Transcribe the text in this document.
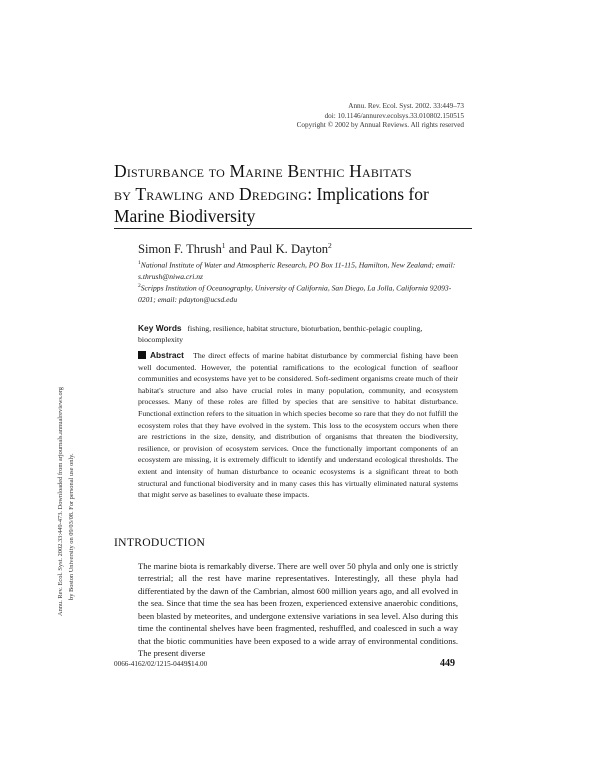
Annu. Rev. Ecol. Syst. 2002. 33:449–73
doi: 10.1146/annurev.ecolsys.33.010802.150515
Copyright © 2002 by Annual Reviews. All rights reserved
Disturbance to Marine Benthic Habitats
by Trawling and Dredging: Implications for
Marine Biodiversity
Simon F. Thrush$^1$ and Paul K. Dayton$^2$
$^1$National Institute of Water and Atmospheric Research, PO Box 11-115, Hamilton, New Zealand; email: s.thrush@niwa.cri.nz
$^2$Scripps Institution of Oceanography, University of California, San Diego, La Jolla, California 92093-0201; email: pdayton@ucsd.edu
Key Words fishing, resilience, habitat structure, bioturbation, benthic-pelagic coupling, biocomplexity
Abstract The direct effects of marine habitat disturbance by commercial fishing have been well documented. However, the potential ramifications to the ecological function of seafloor communities and ecosystems have yet to be considered. Soft-sediment organisms create much of their habitat's structure and also have crucial roles in many population, community, and ecosystem processes. Many of these roles are filled by species that are sensitive to habitat disturbance. Functional extinction refers to the situation in which species become so rare that they do not fulfill the ecosystem roles that they have evolved in the system. This loss to the ecosystem occurs when there are restrictions in the size, density, and distribution of organisms that threaten the biodiversity, resilience, or provision of ecosystem services. Once the functionally important components of an ecosystem are missing, it is extremely difficult to identify and understand ecological thresholds. The extent and intensity of human disturbance to oceanic ecosystems is a significant threat to both structural and functional biodiversity and in many cases this has virtually eliminated natural systems that might serve as baselines to evaluate these impacts.
Annu. Rev. Ecol. Syst. 2002.33:449-473. Downloaded from arjournals.annualreviews.org by Boston University on 09/03/08. For personal use only.	INTRODUCTION
The marine biota is remarkably diverse. There are well over 50 phyla and only one is strictly terrestrial; all the rest have marine representatives. Interestingly, all these phyla had differentiated by the dawn of the Cambrian, almost 600 million years ago, and all evolved in the sea. Since that time the sea has been frozen, experienced extensive anaerobic conditions, been blasted by meteorites, and undergone extensive variations in sea level. Also during this time the continental shelves have been fragmented, reshuffled, and coalesced in such a way that the biotic communities have been exposed to a wide array of environmental conditions. The present diverse
0066-4162/02/1215-0449$14.00	449
